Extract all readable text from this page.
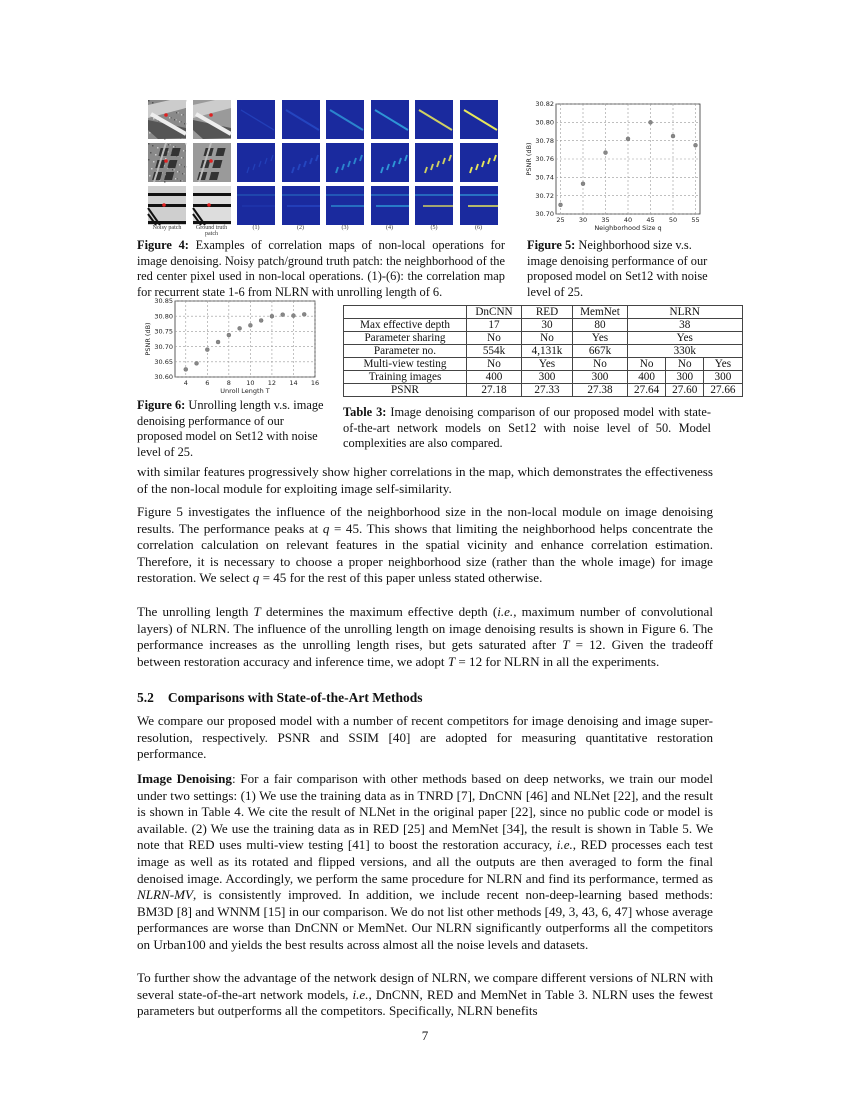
Noisy patch	Ground truth patch
(1)	(2)	(3)	(4)	(5)	(6)
Figure 4: Examples of correlation maps of non-local operations for image denoising. Noisy patch/ground truth patch: the neighborhood of the red center pixel used in non-local operations. (1)-(6): the correlation map for recurrent state 1-6 from NLRN with unrolling length of 6.
25 30 35 40 45 50 55
30.70
30.72
30.74
30.76
30.78
30.80
30.82
Neighborhood Size q
PSNR (dB)
Figure 5: Neighborhood size v.s. image denoising performance of our proposed model on Set12 with noise level of 25.
4	6	8 10 12 14 16
30.60
30.65
30.70
30.75
30.80
30.85
Unroll Length T
PSNR (dB)
Figure 6: Unrolling length v.s. image denoising performance of our proposed model on Set12 with noise level of 25.
	DnCNN	RED	MemNet	NLRN		
Max effective depth	17	30	80	38		
Parameter sharing	No	No	Yes	Yes		
Parameter no.	554k	4,131k	667k	330k		
Multi-view testing	No	Yes	No	No	No	Yes
Training images	400	300	300	400	300	300
PSNR	27.18	27.33	27.38	27.64	27.60	27.66
Table 3: Image denoising comparison of our proposed model with state-of-the-art network models on Set12 with noise level of 50. Model complexities are also compared.
with similar features progressively show higher correlations in the map, which demonstrates the effectiveness of the non-local module for exploiting image self-similarity.
Figure 5 investigates the influence of the neighborhood size in the non-local module on image denoising results. The performance peaks at q = 45. This shows that limiting the neighborhood helps concentrate the correlation calculation on relevant features in the spatial vicinity and enhance correlation estimation. Therefore, it is necessary to choose a proper neighborhood size (rather than the whole image) for image restoration. We select q = 45 for the rest of this paper unless stated otherwise.
The unrolling length T determines the maximum effective depth (i.e., maximum number of convolutional layers) of NLRN. The influence of the unrolling length on image denoising results is shown in Figure 6. The performance increases as the unrolling length rises, but gets saturated after T = 12. Given the tradeoff between restoration accuracy and inference time, we adopt T = 12 for NLRN in all the experiments.
5.2 Comparisons with State-of-the-Art Methods
We compare our proposed model with a number of recent competitors for image denoising and image super-resolution, respectively. PSNR and SSIM [40] are adopted for measuring quantitative restoration performance.
Image Denoising: For a fair comparison with other methods based on deep networks, we train our model under two settings: (1) We use the training data as in TNRD [7], DnCNN [46] and NLNet [22], and the result is shown in Table 4. We cite the result of NLNet in the original paper [22], since no public code or model is available. (2) We use the training data as in RED [25] and MemNet [34], the result is shown in Table 5. We note that RED uses multi-view testing [41] to boost the restoration accuracy, i.e., RED processes each test image as well as its rotated and flipped versions, and all the outputs are then averaged to form the final denoised image. Accordingly, we perform the same procedure for NLRN and find its performance, termed as NLRN-MV, is consistently improved. In addition, we include recent non-deep-learning based methods: BM3D [8] and WNNM [15] in our comparison. We do not list other methods [49, 3, 43, 6, 47] whose average performances are worse than DnCNN or MemNet. Our NLRN significantly outperforms all the competitors on Urban100 and yields the best results across almost all the noise levels and datasets.
To further show the advantage of the network design of NLRN, we compare different versions of NLRN with several state-of-the-art network models, i.e., DnCNN, RED and MemNet in Table 3. NLRN uses the fewest parameters but outperforms all the competitors. Specifically, NLRN benefits
7
